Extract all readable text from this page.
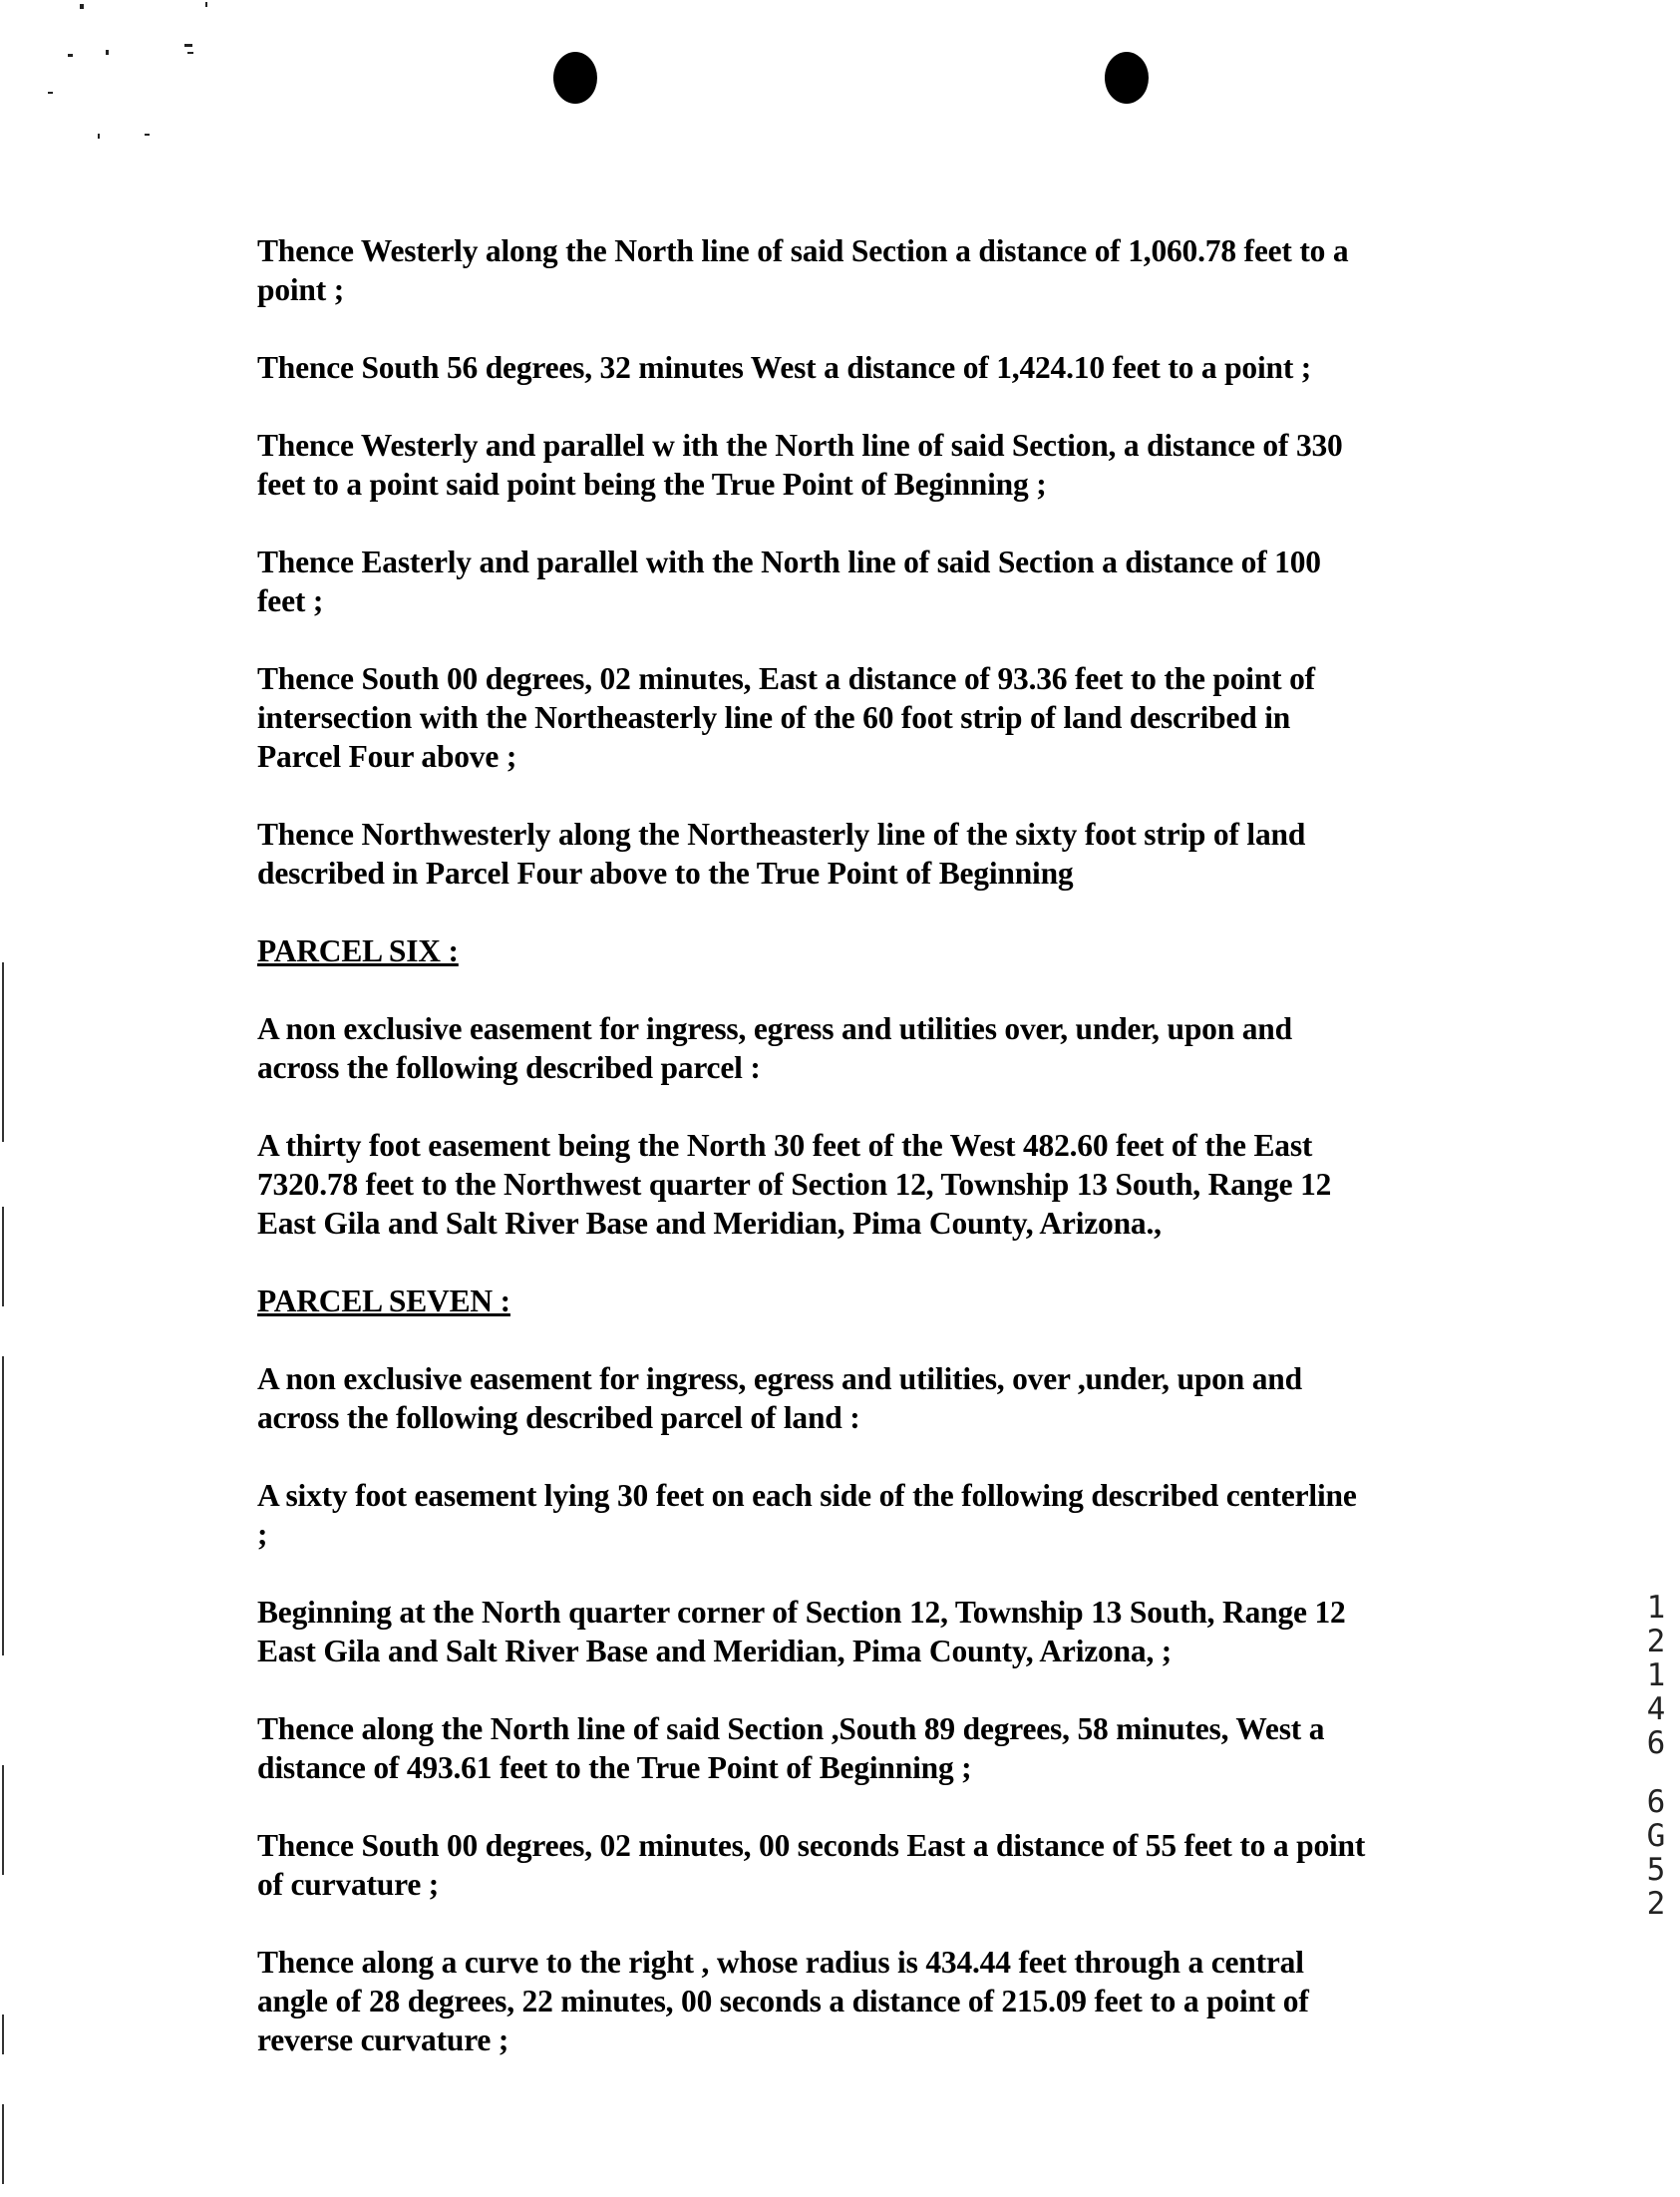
Thence Westerly along the North line of said Section a distance of 1,060.78 feet to a
point ;

Thence South 56 degrees, 32 minutes West a distance of 1,424.10 feet to a point ;

Thence Westerly and parallel w ith the North line of said Section, a distance of 330
feet to a point said point being the True Point of Beginning ;

Thence Easterly and parallel with the North line of said Section a distance of 100
feet ;

Thence South 00 degrees, 02 minutes, East a distance of 93.36 feet to the point of
intersection with the Northeasterly line of the 60 foot strip of land described in
Parcel Four above ;

Thence Northwesterly along the Northeasterly line of the sixty foot strip of land
described in Parcel Four above to the True Point of Beginning

PARCEL SIX :

A non exclusive easement for ingress, egress and utilities over, under, upon and
across the following described parcel :

A thirty foot easement being the North 30 feet of the West 482.60 feet of the East
7320.78 feet to the Northwest quarter of Section 12, Township 13 South, Range 12
East Gila and Salt River Base and Meridian, Pima County, Arizona.,

PARCEL SEVEN :

A non exclusive easement for ingress, egress and utilities, over ,under, upon and
across the following described parcel of land :

A sixty foot easement lying 30 feet on each side of the following described centerline
;

Beginning at the North quarter corner of Section 12, Township 13 South, Range 12
East Gila and Salt River Base and Meridian, Pima County, Arizona, ;

Thence along the North line of said Section ,South 89 degrees, 58 minutes, West a
distance of 493.61 feet to the True Point of Beginning ;

Thence South 00 degrees, 02 minutes, 00 seconds East a distance of 55 feet to a point
of curvature ;

Thence along a curve to the right , whose radius is 434.44 feet through a central
angle of 28 degrees, 22 minutes, 00 seconds a distance of 215.09 feet to a point of
reverse curvature ;

1
2
1
4
6
6
G
5
2
